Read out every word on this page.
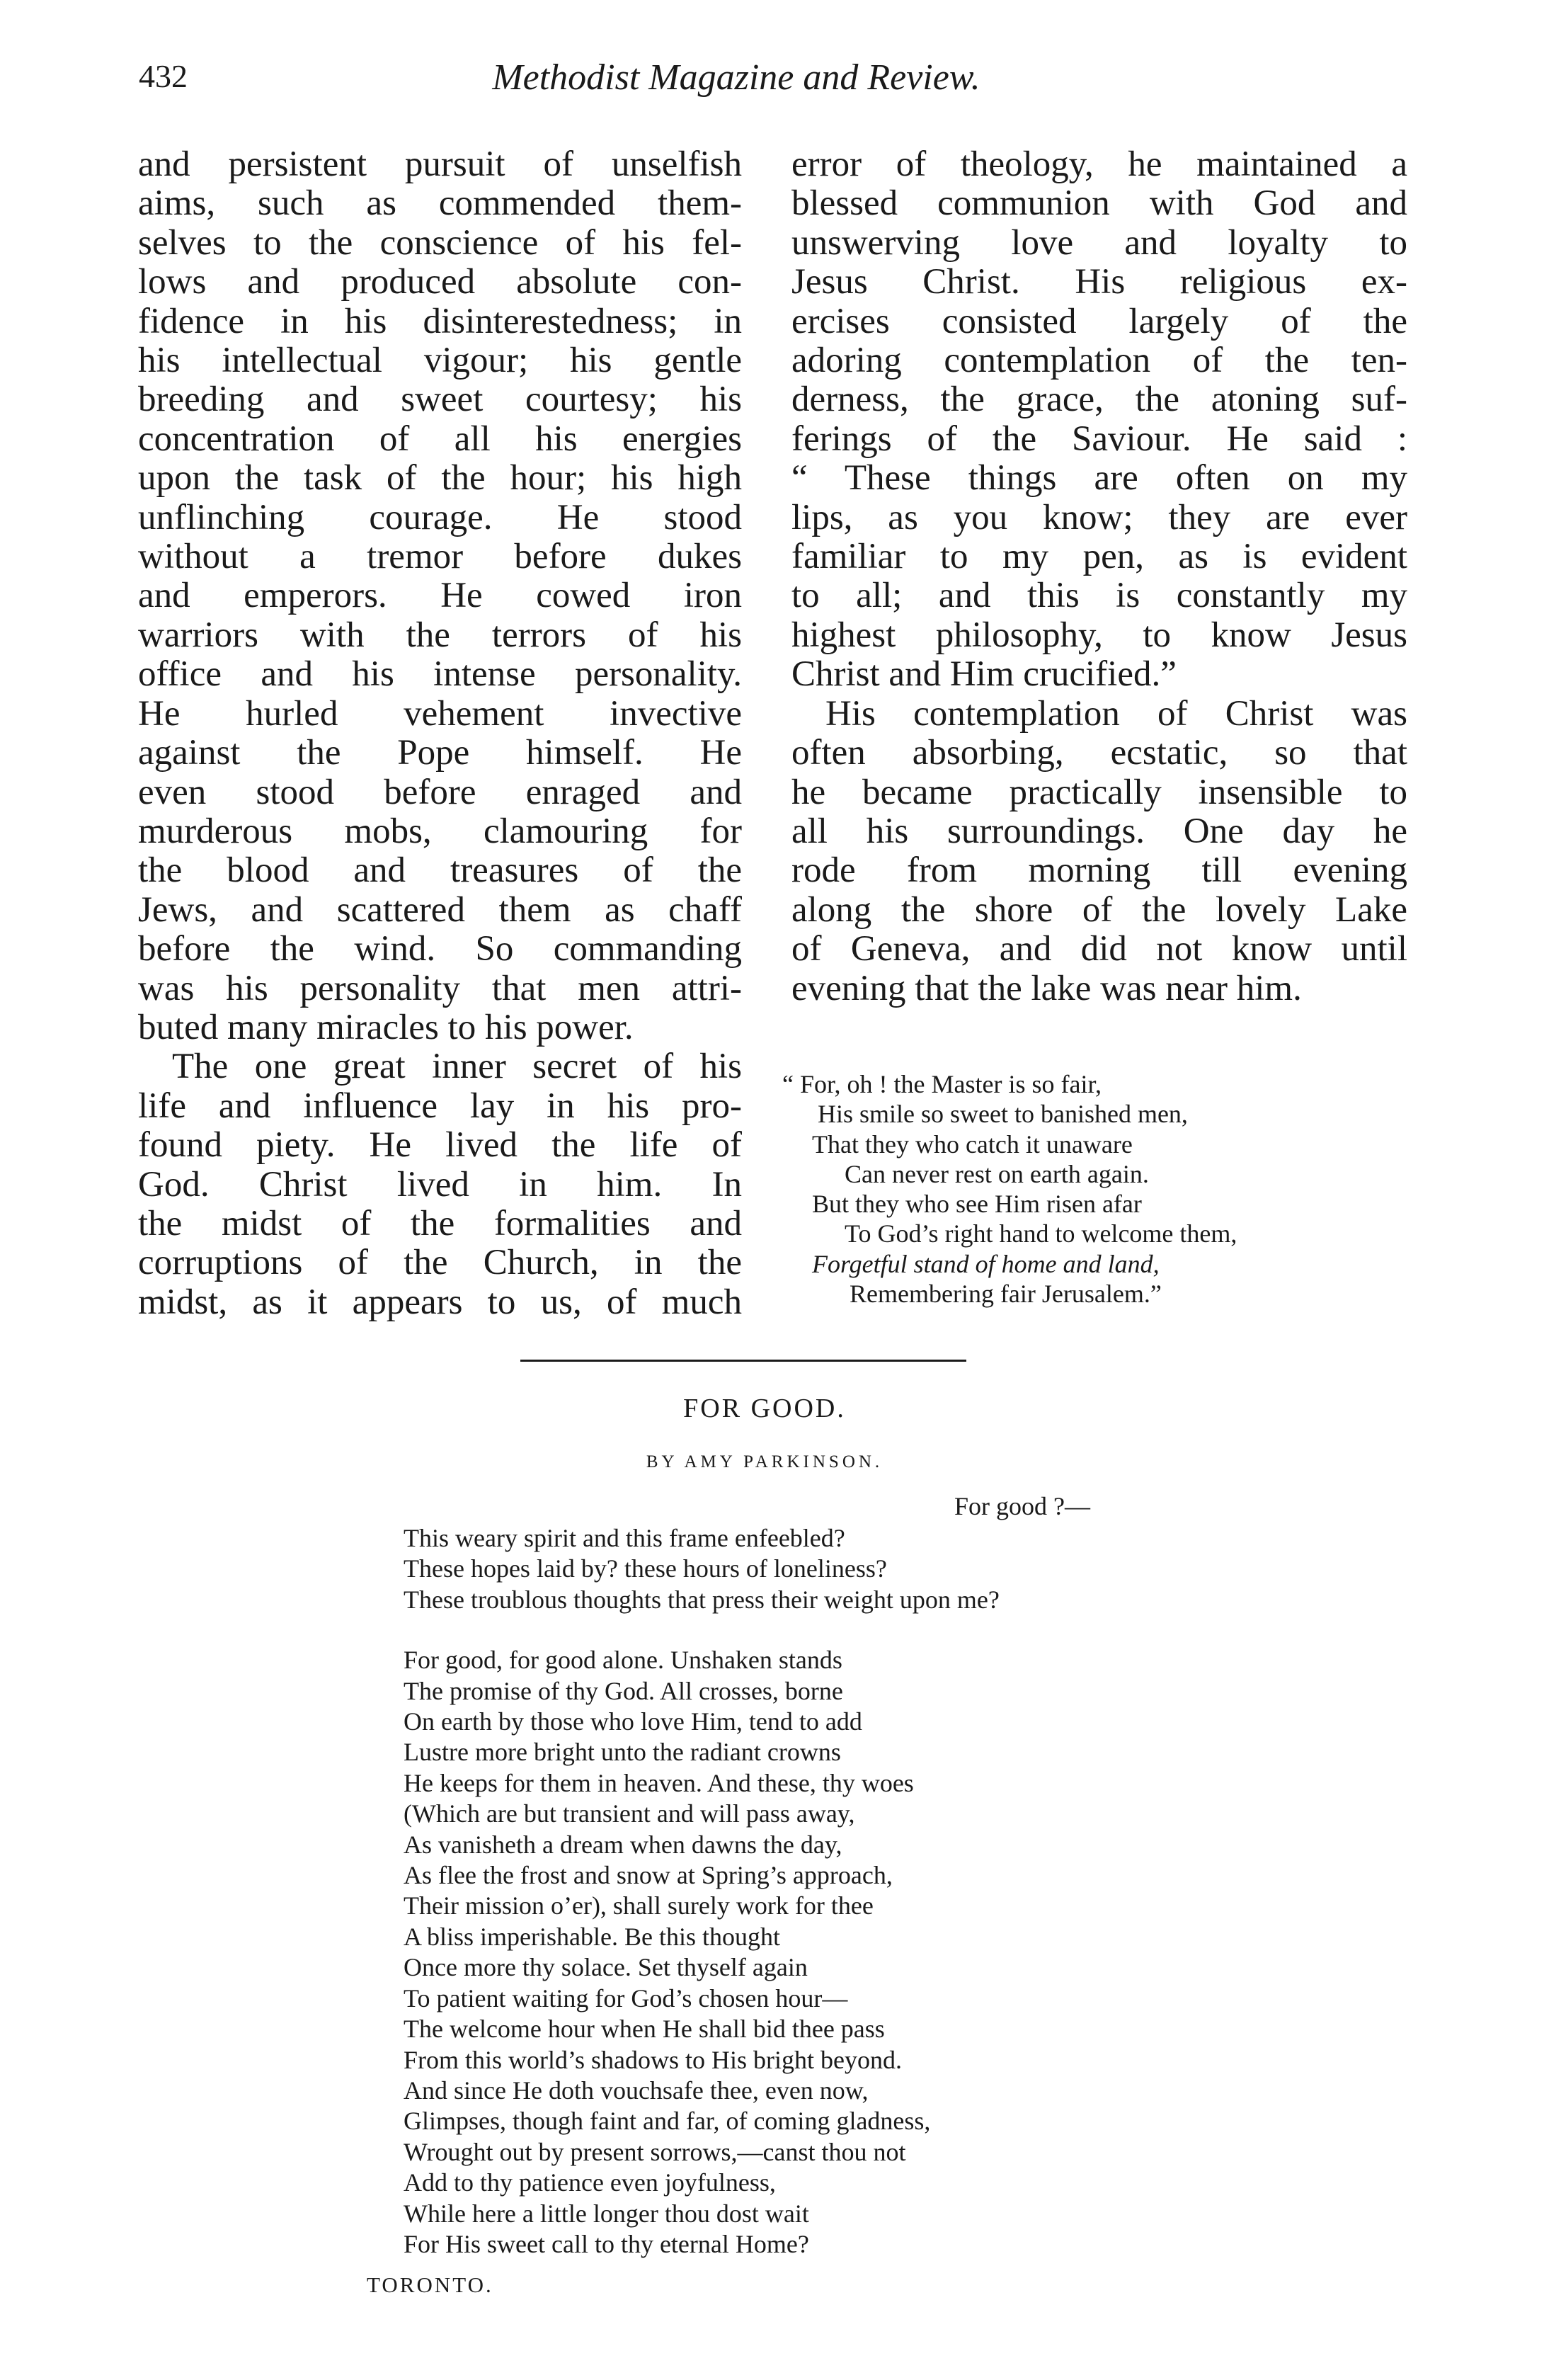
432	Methodist Magazine and Review.

and persistent pursuit of unselfish
aims, such as commended them-
selves to the conscience of his fel-
lows and produced absolute con-
fidence in his disinterestedness; in
his intellectual vigour; his gentle
breeding and sweet courtesy; his
concentration of all his energies
upon the task of the hour; his high
unflinching courage. He stood
without a tremor before dukes
and emperors. He cowed iron
warriors with the terrors of his
office and his intense personality.
He hurled vehement invective
against the Pope himself. He
even stood before enraged and
murderous mobs, clamouring for
the blood and treasures of the
Jews, and scattered them as chaff
before the wind. So commanding
was his personality that men attri-
buted many miracles to his power.

The one great inner secret of his
life and influence lay in his pro-
found piety. He lived the life of
God. Christ lived in him. In
the midst of the formalities and
corruptions of the Church, in the
midst, as it appears to us, of much

error of theology, he maintained a
blessed communion with God and
unswerving love and loyalty to
Jesus Christ. His religious ex-
ercises consisted largely of the
adoring contemplation of the ten-
derness, the grace, the atoning suf-
ferings of the Saviour. He said :
“ These things are often on my
lips, as you know; they are ever
familiar to my pen, as is evident
to all; and this is constantly my
highest philosophy, to know Jesus
Christ and Him crucified.”

His contemplation of Christ was
often absorbing, ecstatic, so that
he became practically insensible to
all his surroundings. One day he
rode from morning till evening
along the shore of the lovely Lake
of Geneva, and did not know until
evening that the lake was near him.

“ For, oh ! the Master is so fair,
His smile so sweet to banished men,
That they who catch it unaware
Can never rest on earth again.
But they who see Him risen afar
To God’s right hand to welcome them,
Forgetful stand of home and land,
Remembering fair Jerusalem.”
FOR GOOD.
BY AMY PARKINSON.
For good ?—
This weary spirit and this frame enfeebled?
These hopes laid by? these hours of loneliness?
These troublous thoughts that press their weight upon me?
For good, for good alone. Unshaken stands
The promise of thy God. All crosses, borne
On earth by those who love Him, tend to add
Lustre more bright unto the radiant crowns
He keeps for them in heaven. And these, thy woes
(Which are but transient and will pass away,
As vanisheth a dream when dawns the day,
As flee the frost and snow at Spring’s approach,
Their mission o’er), shall surely work for thee
A bliss imperishable. Be this thought
Once more thy solace. Set thyself again
To patient waiting for God’s chosen hour—
The welcome hour when He shall bid thee pass
From this world’s shadows to His bright beyond.
And since He doth vouchsafe thee, even now,
Glimpses, though faint and far, of coming gladness,
Wrought out by present sorrows,—canst thou not
Add to thy patience even joyfulness,
While here a little longer thou dost wait
For His sweet call to thy eternal Home?
TORONTO.
